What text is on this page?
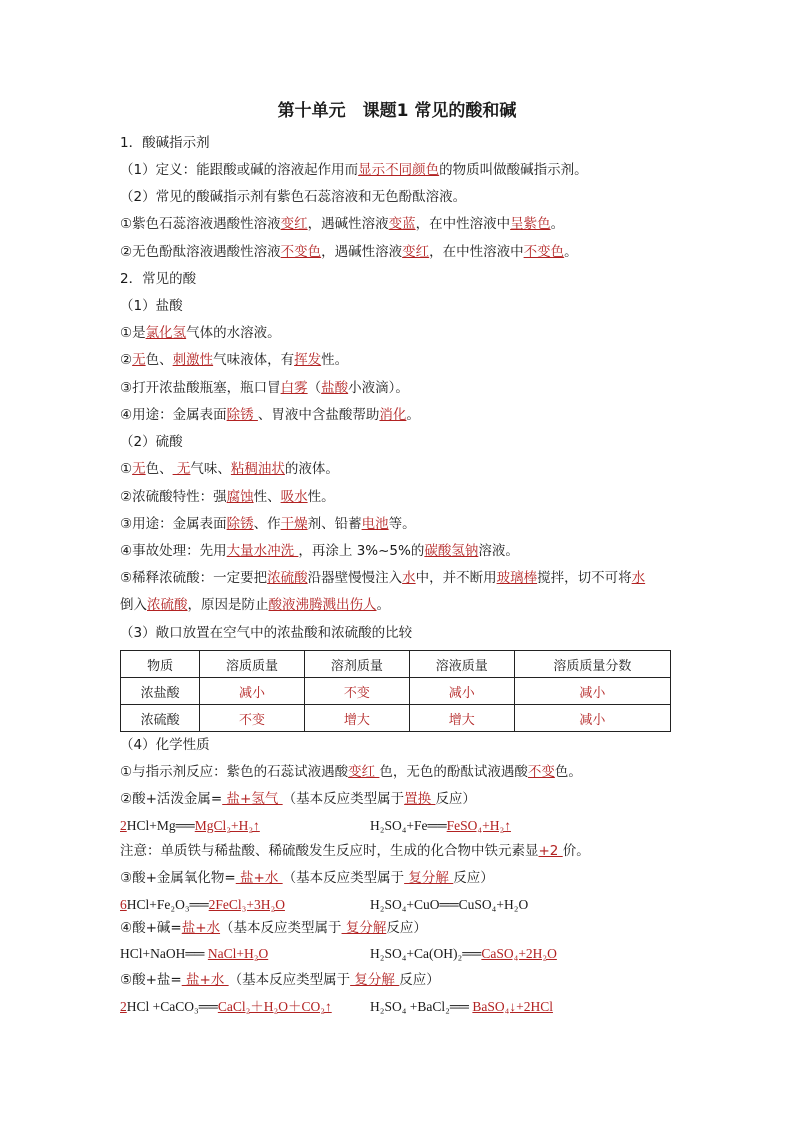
第十单元　课题1 常见的酸和碱
1．酸碱指示剂
（1）定义：能跟酸或碱的溶液起作用而显示不同颜色的物质叫做酸碱指示剂。
（2）常见的酸碱指示剂有紫色石蕊溶液和无色酚酞溶液。
①紫色石蕊溶液遇酸性溶液变红，遇碱性溶液变蓝，在中性溶液中呈紫色。
②无色酚酞溶液遇酸性溶液不变色，遇碱性溶液变红，在中性溶液中不变色。
2．常见的酸
（1）盐酸
①是氯化氢气体的水溶液。
②无色、刺激性气味液体，有挥发性。
③打开浓盐酸瓶塞，瓶口冒白雾（盐酸小液滴）。
④用途：金属表面除锈 、胃液中含盐酸帮助消化。
（2）硫酸
①无色、 无气味、粘稠油状的液体。
②浓硫酸特性：强腐蚀性、吸水性。
③用途：金属表面除锈、作干燥剂、铅蓄电池等。
④事故处理：先用大量水冲洗 ，再涂上 3%~5%的碳酸氢钠溶液。
⑤稀释浓硫酸：一定要把浓硫酸沿器壁慢慢注入水中，并不断用玻璃棒搅拌，切不可将水
倒入浓硫酸，原因是防止酸液沸腾溅出伤人。
（3）敞口放置在空气中的浓盐酸和浓硫酸的比较
物质	溶质质量	溶剂质量	溶液质量	溶质质量分数
浓盐酸	减小	不变	减小	减小
浓硫酸	不变	增大	增大	减小
（4）化学性质
①与指示剂反应：紫色的石蕊试液遇酸变红 色，无色的酚酞试液遇酸不变色。
②酸+活泼金属= 盐+氢气 （基本反应类型属于置换 反应）
2HCl+Mg══MgCl₂+H₂↑	H₂SO₄+Fe══FeSO₄+H₂↑
注意：单质铁与稀盐酸、稀硫酸发生反应时，生成的化合物中铁元素显+2 价。
③酸+金属氧化物= 盐+水 （基本反应类型属于 复分解 反应）
6HCl+Fe₂O₃══2FeCl₃+3H₂O	H₂SO₄+CuO══CuSO₄+H₂O
④酸+碱=盐+水（基本反应类型属于 复分解反应）
HCl+NaOH══ NaCl+H₂O	H₂SO₄+Ca(OH)₂══CaSO₄+2H₂O
⑤酸+盐= 盐+水 （基本反应类型属于 复分解 反应）
2HCl +CaCO₃══CaCl₂＋H₂O＋CO₂↑	H₂SO₄ +BaCl₂══ BaSO₄↓+2HCl
